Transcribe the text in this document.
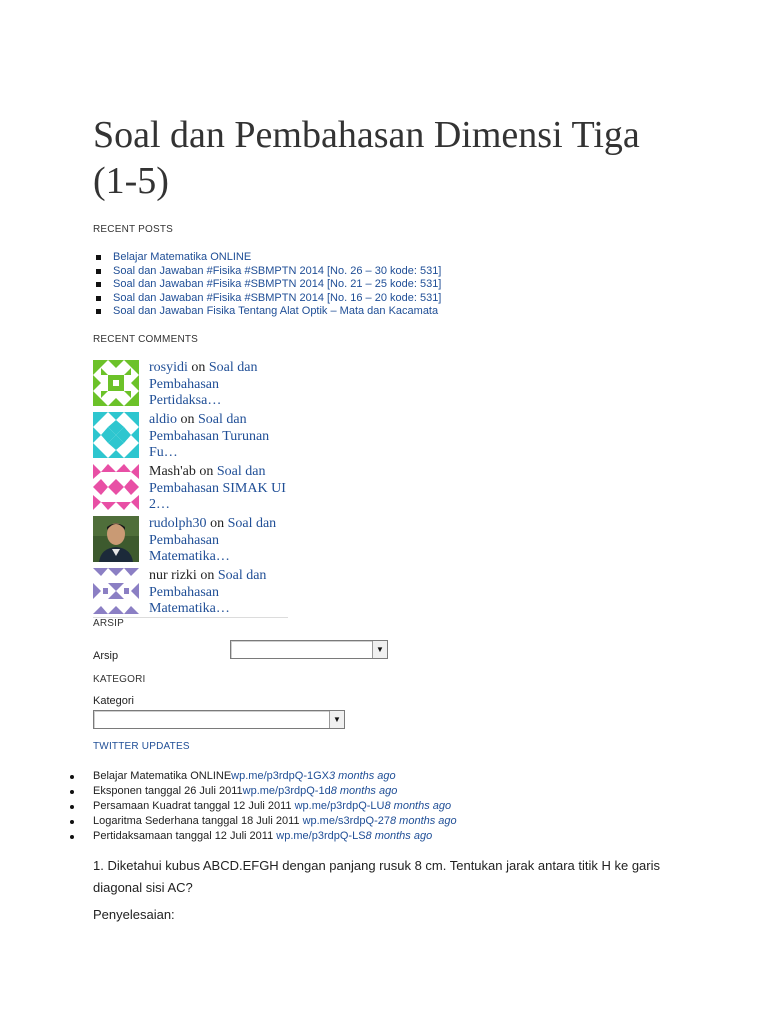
Soal dan Pembahasan Dimensi Tiga (1-5)
RECENT POSTS
Belajar Matematika ONLINE
Soal dan Jawaban #Fisika #SBMPTN 2014 [No. 26 – 30 kode: 531]
Soal dan Jawaban #Fisika #SBMPTN 2014 [No. 21 – 25 kode: 531]
Soal dan Jawaban #Fisika #SBMPTN 2014 [No. 16 – 20 kode: 531]
Soal dan Jawaban Fisika Tentang Alat Optik – Mata dan Kacamata
RECENT COMMENTS
rosyidi on Soal dan Pembahasan Pertidaksa…
aldio on Soal dan Pembahasan Turunan Fu…
Mash'ab on Soal dan Pembahasan SIMAK UI 2…
rudolph30 on Soal dan Pembahasan Matematika…
nur rizki on Soal dan Pembahasan Matematika…
ARSIP
Arsip
▼
KATEGORI
Kategori
▼
TWITTER UPDATES
Belajar Matematika ONLINEwp.me/p3rdpQ-1GX3 months ago
Eksponen tanggal 26 Juli 2011wp.me/p3rdpQ-1d8 months ago
Persamaan Kuadrat tanggal 12 Juli 2011 wp.me/p3rdpQ-LU8 months ago
Logaritma Sederhana tanggal 18 Juli 2011 wp.me/s3rdpQ-278 months ago
Pertidaksamaan tanggal 12 Juli 2011 wp.me/p3rdpQ-LS8 months ago
1. Diketahui kubus ABCD.EFGH dengan panjang rusuk 8 cm. Tentukan jarak antara titik H ke garis diagonal sisi AC?
Penyelesaian:
